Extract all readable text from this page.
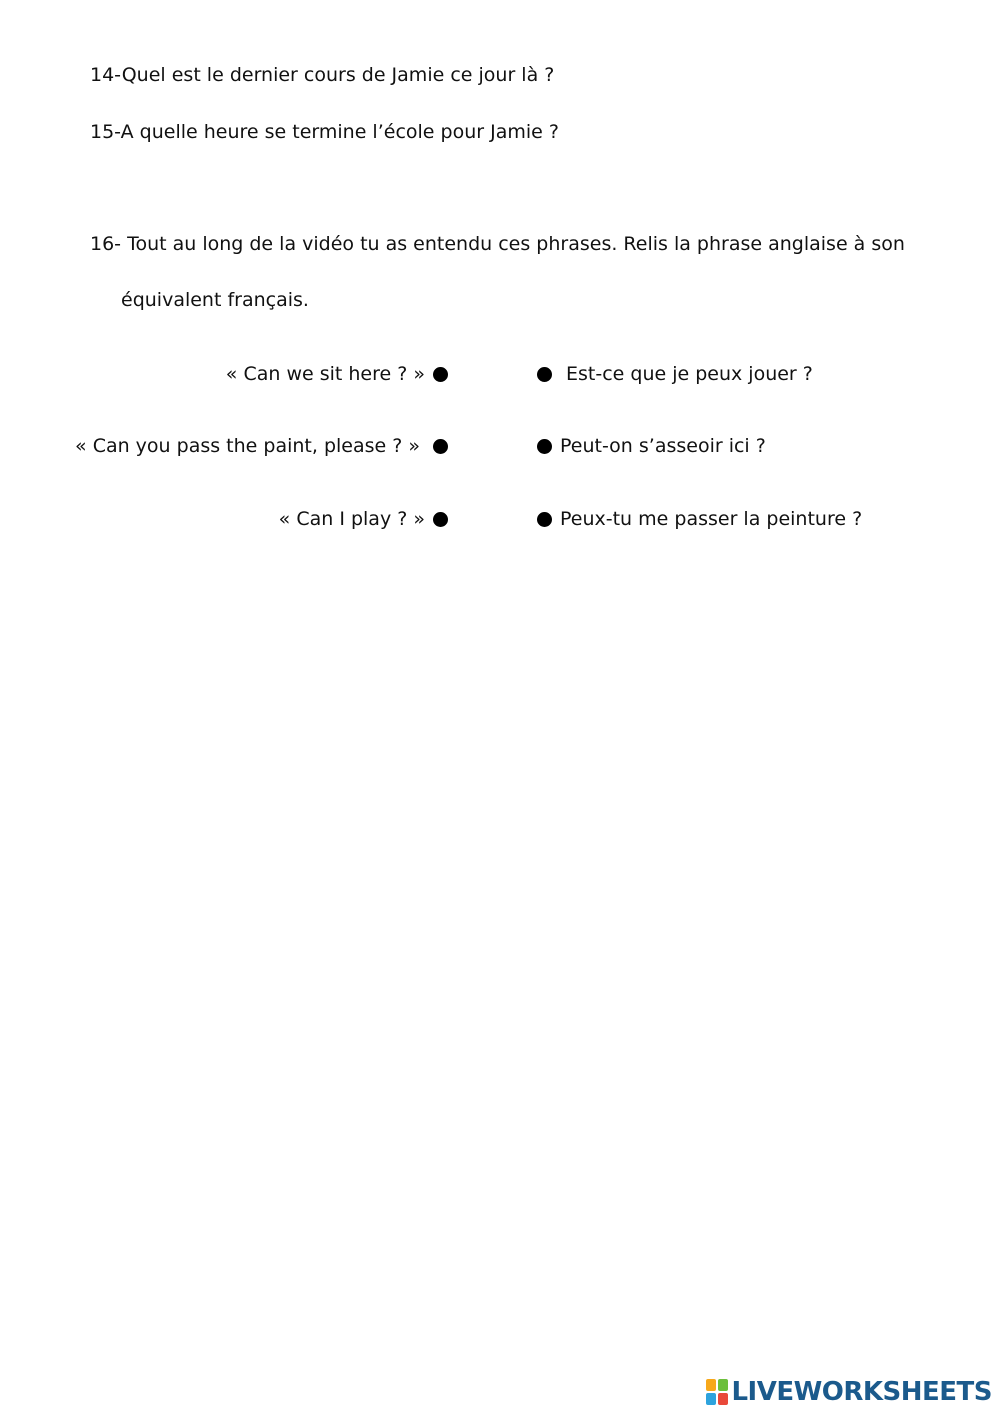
14-Quel est le dernier cours de Jamie ce jour là ?
15-A quelle heure se termine l’école pour Jamie ?
16- Tout au long de la vidéo tu as entendu ces phrases. Relis la phrase anglaise à son
équivalent français.
« Can we sit here ? »
« Can you pass the paint, please ? »
« Can I play ? »
Est-ce que je peux jouer ?
Peut-on s’asseoir ici ?
Peux-tu me passer la peinture ?
LIVEWORKSHEETS
